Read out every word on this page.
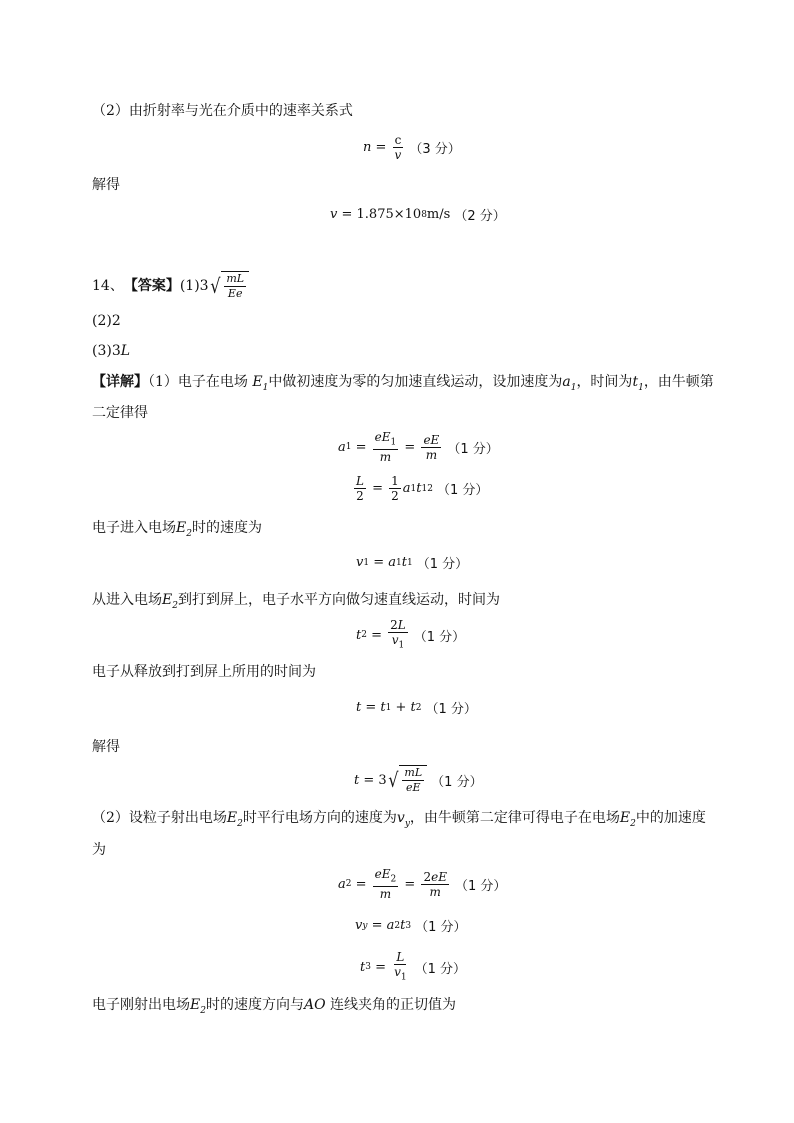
（2）由折射率与光在介质中的速率关系式
$n = \frac{c}{v} (3$ 分）
解得
v = 1.875×10 8 m/s （2 分）
14、 【答案】 (1)3 √ $\frac{mL}{Ee}$
(2)2
(3)3L
【详解】（1）电子在电场 $E_1$中做初速度为零的匀加速直线运动，设加速度为$a_1$，时间为$t_1$，由牛顿第
二定律得
a $1 = \frac{eE_1}{m} = \frac{eE}{m} (1$ 分）
$\frac{L}{2} = \frac{1}{2}$ a 1 t 1 2 （1 分）
电子进入电场$E_2$时的速度为
v 1 = a 1 t 1 （1 分）
从进入电场$E_2$到打到屏上，电子水平方向做匀速直线运动，时间为
t $2 = \frac{2L}{v_1} (1$ 分）
电子从释放到打到屏上所用的时间为
t = t 1 + t 2 （1 分）
解得
t = 3 √ $\frac{mL}{eE} (1$ 分）
（2）设粒子射出电场$E_2$时平行电场方向的速度为$v_y$，由牛顿第二定律可得电子在电场$E_2$中的加速度
为
a $2 = \frac{eE_2}{m} = \frac{2eE}{m} (1$ 分）
v y = a 2 t 3 （1 分）
t $3 = \frac{L}{v_1} (1$ 分）
电子刚射出电场$E_2$时的速度方向与AO 连线夹角的正切值为
